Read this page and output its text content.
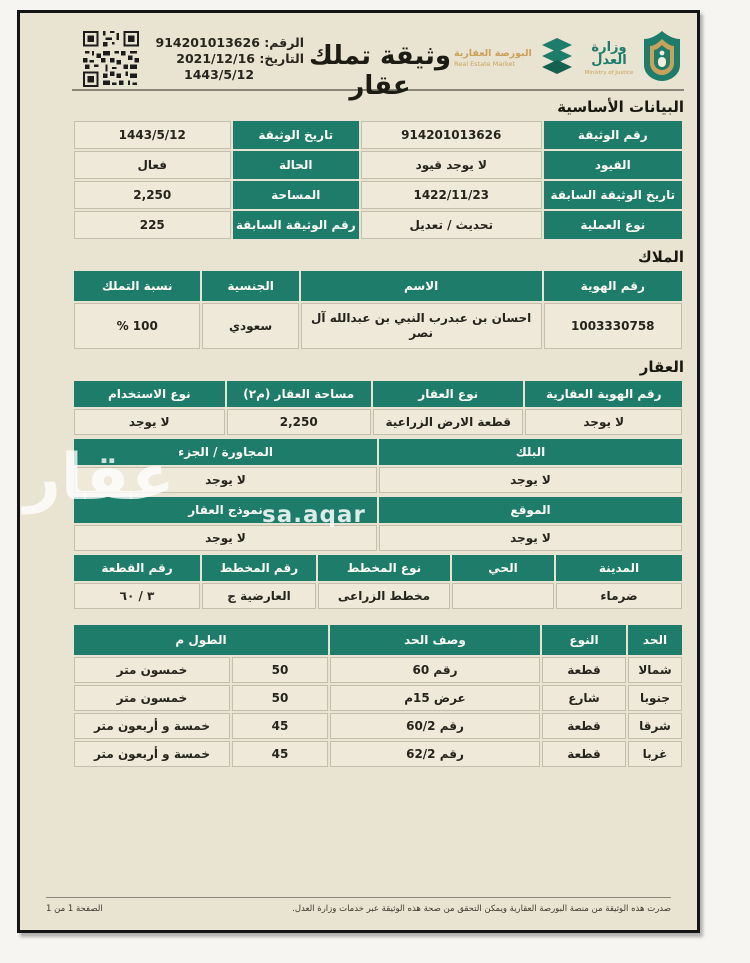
الرقم: 914201013626
التاريخ: 2021/12/16
1443/5/12
وثيقة تملك عقار
البورصة العقارية
Real Estate Market
وزارة العدل
Ministry of Justice
البيانات الأساسية
رقم الوثيقة	914201013626	تاريخ الوثيقة	1443/5/12
القيود	لا يوجد قيود	الحالة	فعال
تاريخ الوثيقة السابقة	1422/11/23	المساحة	2,250
نوع العملية	تحديث / تعديل	رقم الوثيقة السابقة	225
الملاك
رقم الهوية	الاسم	الجنسية	نسبة التملك
1003330758	احسان بن عبدرب النبي بن عبدالله آل نصر	سعودي	% 100
العقار
رقم الهوية العقارية	نوع العقار	مساحة العقار (م٢)	نوع الاستخدام
لا يوجد	قطعة الارض الزراعية	2,250	لا يوجد
البلك	المجاورة / الجزء
لا يوجد	لا يوجد
الموقع	نموذج العقار
لا يوجد	لا يوجد
المدينة	الحي	نوع المخطط	رقم المخطط	رقم القطعة
ضرماء		مخطط الزراعى	العارضية ج	٣ / ٦٠
الحد	النوع	وصف الحد	الطول م	
شمالا	قطعة	رقم 60	50	خمسون متر
جنوبا	شارع	عرض 15م	50	خمسون متر
شرقا	قطعة	رقم 60/2	45	خمسة و أربعون متر
غربا	قطعة	رقم 62/2	45	خمسة و أربعون متر
عقار	sa.aqar
صدرت هذه الوثيقة من منصة البورصة العقارية ويمكن التحقق من صحة هذه الوثيقة عبر خدمات وزارة العدل.
الصفحة 1 من 1
